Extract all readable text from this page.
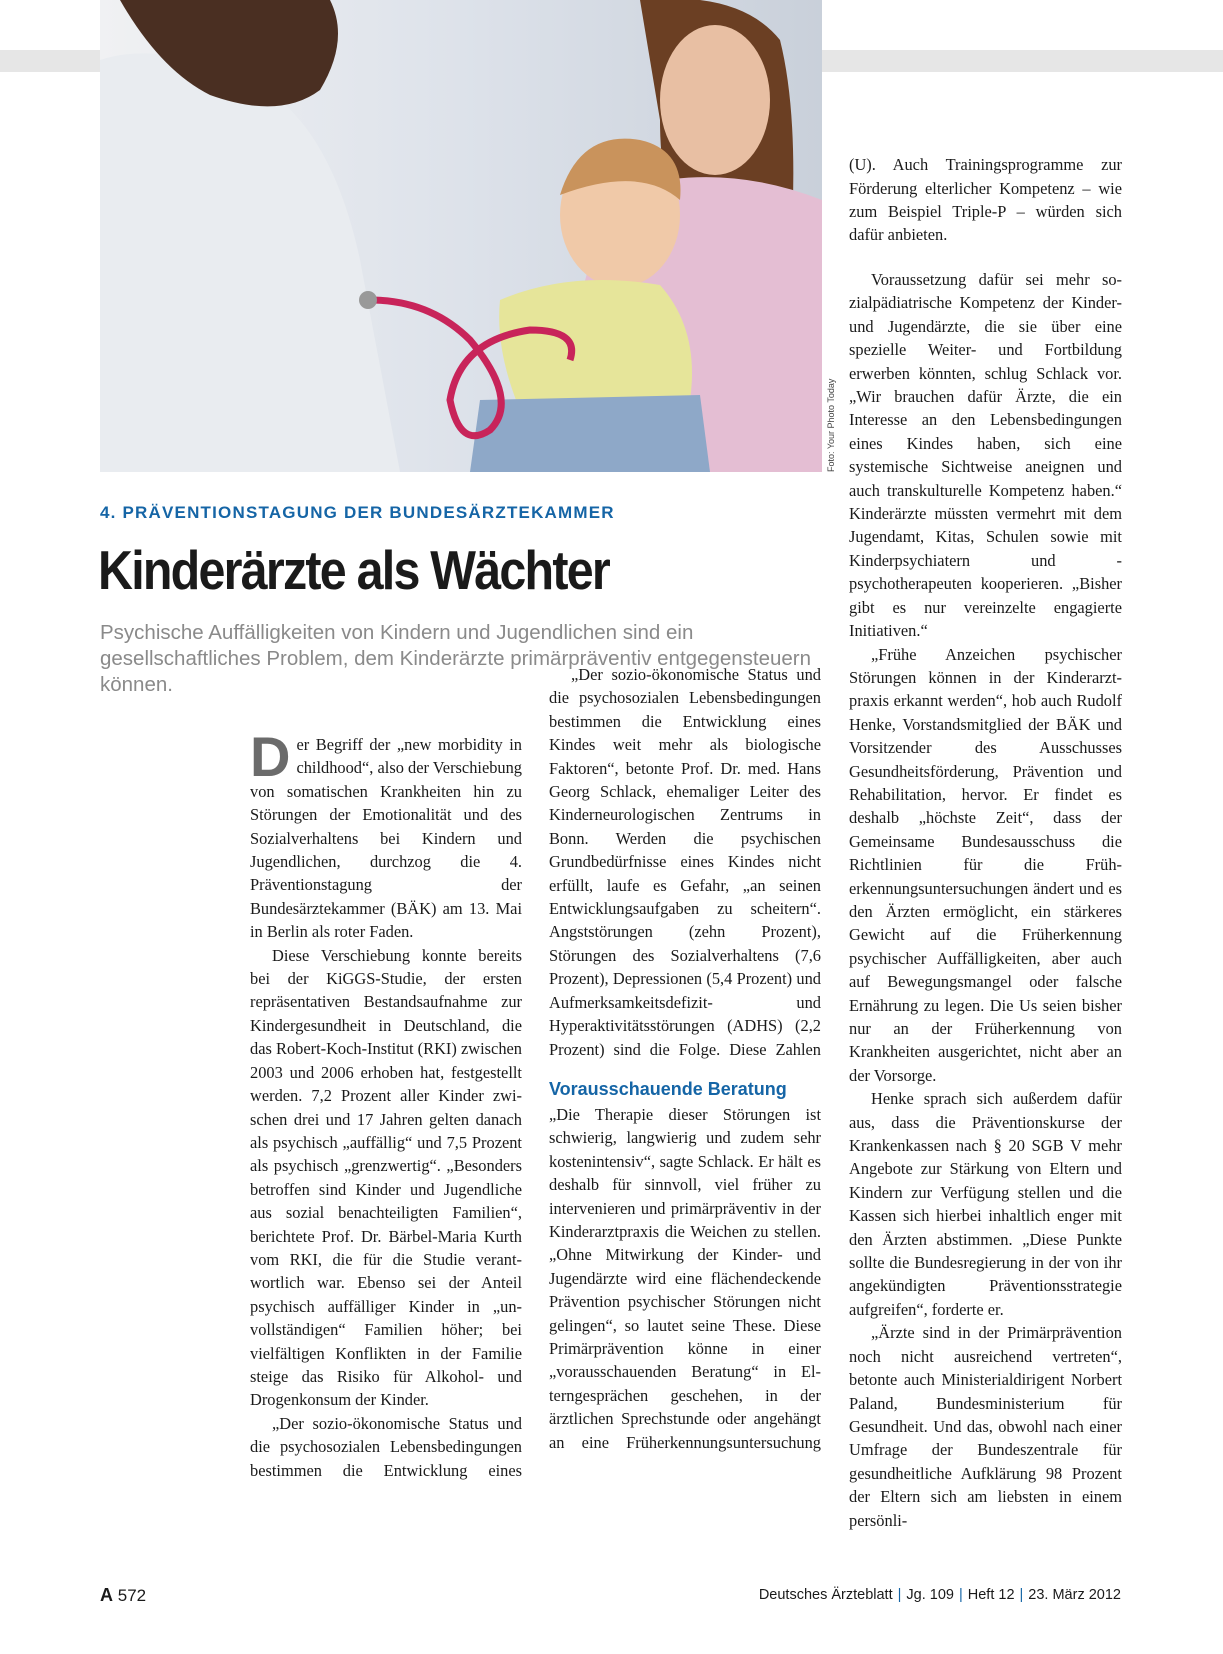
Foto: Your Photo Today
4. PRÄVENTIONSTAGUNG DER BUNDESÄRZTEKAMMER
Kinderärzte als Wächter
Psychische Auffälligkeiten von Kindern und Jugendlichen sind ein gesellschaftliches Problem, dem Kinderärzte primärpräventiv entgegensteuern können.

Der Begriff der „new morbidity in childhood“, also der Verschiebung von somatischen Krankheiten hin zu Störungen der Emotionalität und des Sozialverhaltens bei Kindern und Jugendlichen, durchzog die 4. Präventionstagung der Bundesärztekammer (BÄK) am 13. Mai in Berlin als roter Faden.

Diese Verschiebung konnte bereits bei der KiGGS-Studie, der ersten repräsentativen Bestandsaufnahme zur Kindergesundheit in Deutschland, die das Robert-Koch-Institut (RKI) zwischen 2003 und 2006 erhoben hat, festgestellt werden. 7,2 Prozent aller Kinder zwischen drei und 17 Jahren gelten danach als psychisch „auffällig“ und 7,5 Prozent als psychisch „grenzwertig“. „Besonders betroffen sind Kinder und Jugendliche aus sozial benachteiligten Familien“, berichtete Prof. Dr. Bärbel-Maria Kurth vom RKI, die für die Studie verantwortlich war. Ebenso sei der Anteil psychisch auffälliger Kinder in „unvollständigen“ Familien höher; bei vielfältigen Konflikten in der Familie steige das Risiko für Alkohol- und Drogenkonsum der Kinder.

„Der sozio-ökonomische Status und die psychosozialen Lebensbedingungen bestimmen die Entwicklung eines

„Der sozio-ökonomische Status und die psychosozialen Lebensbedingungen bestimmen die Entwicklung eines Kindes weit mehr als biologische Faktoren“, betonte Prof. Dr. med. Hans Georg Schlack, ehemaliger Leiter des Kinderneurologischen Zentrums in Bonn. Werden die psychischen Grundbedürfnisse eines Kindes nicht erfüllt, laufe es Gefahr, „an seinen Entwicklungsaufgaben zu scheitern“. Angststörungen (zehn Prozent), Störungen des Sozialverhaltens (7,6 Prozent), Depressionen (5,4 Prozent) und Aufmerksamkeitsdefizit- und Hyperaktivitätsstörungen (ADHS) (2,2 Prozent) sind die Folge. Diese Zahlen

Vorausschauende Beratung

„Die Therapie dieser Störungen ist schwierig, langwierig und zudem sehr kostenintensiv“, sagte Schlack. Er hält es deshalb für sinnvoll, viel früher zu intervenieren und primärpräventiv in der Kinderarztpraxis die Weichen zu stellen. „Ohne Mitwirkung der Kinder- und Jugendärzte wird eine flächendeckende Prävention psychischer Störungen nicht gelingen“, so lautet seine These. Diese Primärprävention könne in einer „vorausschauenden Beratung“ in Elterngesprächen geschehen, in der ärztlichen Sprechstunde oder angehängt an eine Früherkennungsuntersuchung

(U). Auch Trainingsprogramme zur Förderung elterlicher Kompetenz – wie zum Beispiel Triple-P – würden sich dafür anbieten.

Voraussetzung dafür sei mehr sozialpädiatrische Kompetenz der Kinder- und Jugendärzte, die sie über eine spezielle Weiter- und Fortbildung erwerben könnten, schlug Schlack vor. „Wir brauchen dafür Ärzte, die ein Interesse an den Lebensbedingungen eines Kindes haben, sich eine systemische Sichtweise aneignen und auch transkulturelle Kompetenz haben.“ Kinderärzte müssten vermehrt mit dem Jugendamt, Kitas, Schulen sowie mit Kinderpsychiatern und -psychotherapeuten kooperieren. „Bisher gibt es nur vereinzelte engagierte Initiativen.“

„Frühe Anzeichen psychischer Störungen können in der Kinderarztpraxis erkannt werden“, hob auch Rudolf Henke, Vorstandsmitglied der BÄK und Vorsitzender des Ausschusses Gesundheitsförderung, Prävention und Rehabilitation, hervor. Er findet es deshalb „höchste Zeit“, dass der Gemeinsame Bundesausschuss die Richtlinien für die Früherkennungsuntersuchungen ändert und es den Ärzten ermöglicht, ein stärkeres Gewicht auf die Früherkennung psychischer Auffälligkeiten, aber auch auf Bewegungsmangel oder falsche Ernährung zu legen. Die Us seien bisher nur an der Früherkennung von Krankheiten ausgerichtet, nicht aber an der Vorsorge.

Henke sprach sich außerdem dafür aus, dass die Präventionskurse der Krankenkassen nach § 20 SGB V mehr Angebote zur Stärkung von Eltern und Kindern zur Verfügung stellen und die Kassen sich hierbei inhaltlich enger mit den Ärzten abstimmen. „Diese Punkte sollte die Bundesregierung in der von ihr angekündigten Präventionsstrategie aufgreifen“, forderte er.

„Ärzte sind in der Primärprävention noch nicht ausreichend vertreten“, betonte auch Ministerialdirigent Norbert Paland, Bundesministerium für Gesundheit. Und das, obwohl nach einer Umfrage der Bundeszentrale für gesundheitliche Aufklärung 98 Prozent der Eltern sich am liebsten in einem persönli-

A 572	Deutsches Ärzteblatt | Jg. 109 | Heft 12 | 23. März 2012
